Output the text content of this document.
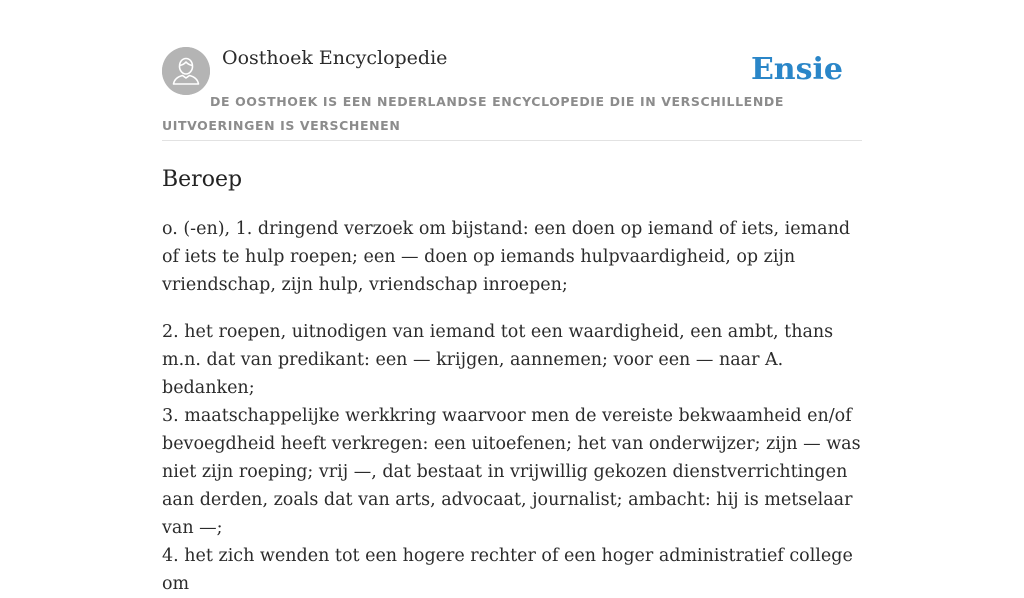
Oosthoek Encyclopedie	Ensie
DE OOSTHOEK IS EEN NEDERLANDSE ENCYCLOPEDIE DIE IN VERSCHILLENDE UITVOERINGEN IS VERSCHENEN
Beroep

o. (-en), 1. dringend verzoek om bijstand: een doen op iemand of iets, iemand of iets te hulp roepen; een — doen op iemands hulpvaardigheid, op zijn vriendschap, zijn hulp, vriendschap inroepen;

2. het roepen, uitnodigen van iemand tot een waardigheid, een ambt, thans m.n. dat van predikant: een — krijgen, aannemen; voor een — naar A. bedanken;
3. maatschappelijke werkkring waarvoor men de vereiste bekwaamheid en/of bevoegdheid heeft verkregen: een uitoefenen; het van onderwijzer; zijn — was niet zijn roeping; vrij —, dat bestaat in vrijwillig gekozen dienstverrichtingen aan derden, zoals dat van arts, advocaat, journalist; ambacht: hij is metselaar van —;
4. het zich wenden tot een hogere rechter of een hoger administratief college om
